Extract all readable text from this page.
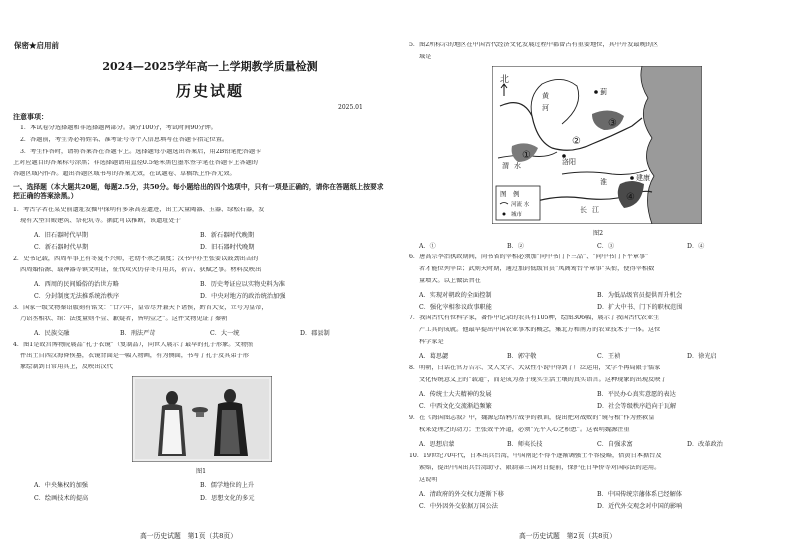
保密★启用前
2024—2025学年高一上学期教学质量检测
历史试题
2025.01
注意事项：
1．本试卷分选择题和非选择题两部分。满分100分，考试时间90分钟。
2．答题前，考生务必将姓名、准考证号等个人信息填写在答题卡指定位置。
3．考生作答时，请将答案答在答题卡上。选择题每小题选出答案后，用2B铅笔把答题卡
上对应题目的答案标号涂黑；非选择题请用直径0.5毫米黑色墨水签字笔在答题卡上各题的
答题区域内作答。超出答题区域书写的答案无效，在试题卷、草稿纸上作答无效。
一、选择题（本大题共20题，每题2.5分，共50分。每小题给出的四个选项中，只有一项是正确的，请你在答题纸上按要求把正确的答案涂黑。）
1．考古学者在某史前遗址发掘中探明有多条高差遗迹，出土大量陶器、玉器、绿松石器，发
现有大型宫殿建筑、祭祀坑等。据此可以推断，该遗址处于
A．旧石器时代早期	B．新石器时代晚期
C．新石器时代早期	D．旧石器时代晚期
2．史书记载，西周军事上有冬夏不兴师，老幼不杀之制度；汉书中亦主张要以鼓劲出击的
西周婚俗源、载神器等镇文明证，征伐攻灭仍存冬月用兵，祈告、获赋之事。材料反映出
A．西周的民间婚俗的治世方略	B．历史考证应以实物史料为准
C．分封制度无法推系统治秩序	D．中央对地方的政治统治加强
3．国家一级文物秦诏版刻有铭文：“廿六年，皇帝尽并兼天下诸侯，黔首大安，立号为皇帝，
乃诏丞相状、绾：法度量则不壹、歉疑者，皆明壹之”。这件文物见证了秦朝
A．民族交融	B．刑法严苛	C．大一统	D．郡县制
4．图1是故宫博物院展品“孔子衣镜”（复制品），向世人展示了最早的孔子形象。文物照
件出土自西汉海昏侯墓，衣镜背面是一幅人物画，有为侧面，书写了孔子及其弟子形
象绘制到日常用具上，反映出汉代
图1
A．中央集权的加强	B．儒学地位的上升
C．绘画技术的提高	D．思想文化的多元
高一历史试题　第1页（共8页）
5．图2所标示的地区在中国古代经济文化发展过程中都曾占有重要地位，其中开发最晚的区
域是
北
黄
河
渭 水	洛阳
淮
江
长
建康
蓟
①
②
③
④
图　例
河流 水
城市
图2
A．①	B．②	C．③	D．④
6．唐高宗李治执政期间，尚书省的宰相必须加“同中书门下三品”、“同中书门下平章事”
者才能位列宰臣；武则天时期，通过加封低级官员“凤阁鸾台平章事”头衔，使得宰相数
量增大。以上做法旨在
A．实现对朝政的全面控制	B．为低品级官员提供晋升机会
C．强化宰相参议政事职能	D．扩大中书、门下的职权范围
7．我国古代有位科学家，著作中记录的农具有105种，绘图306幅，展示了我国古代农业生
产工具的成就。他最早提出中国农业事术的概念，集北方和南方的农业技术于一体。这位
科学家是
A．葛思勰	B．郭守敬	C．王祯	D．徐光启
8．明朝，白话在官方告示、文人文学、大众性小说中得到了广泛运用，文学不再局限于儒家
文化传统意义上的“载道”，而是成为基于现实生活土壤的真实语言。这种现象的出现反映了
A．传统士大夫精神的发展	B．平民办心真实意愿的表达
C．中西文化交流渐趋频繁	D．社会等级秩序趋向于瓦解
9．在《海国图志叙》中，魏源总结鸦片战争的教训，提出把对战败的“镜与根”作为拯救皇
权来处理之的动力；主张效平外道，必须“先平人心之积患”。这表明魏源注重
A．思想启蒙	B．师夷长技	C．自强求富	D．改革政治
10．19世纪70年代，日本出兵台湾，中国南论不得不逐渐调强士不容侵略，借黄日本据台及
索赔，提出中国出兵台湾助守、限制第三国对日提前，保护在日华侨等对国际法的运用。
这说明
A．清政府的外交权力逐渐下移	B．中国传统宗藩体系已经解体
C．中外因外交依据万国公法	D．近代外交观念对中国的影响
高一历史试题　第2页（共8页）
